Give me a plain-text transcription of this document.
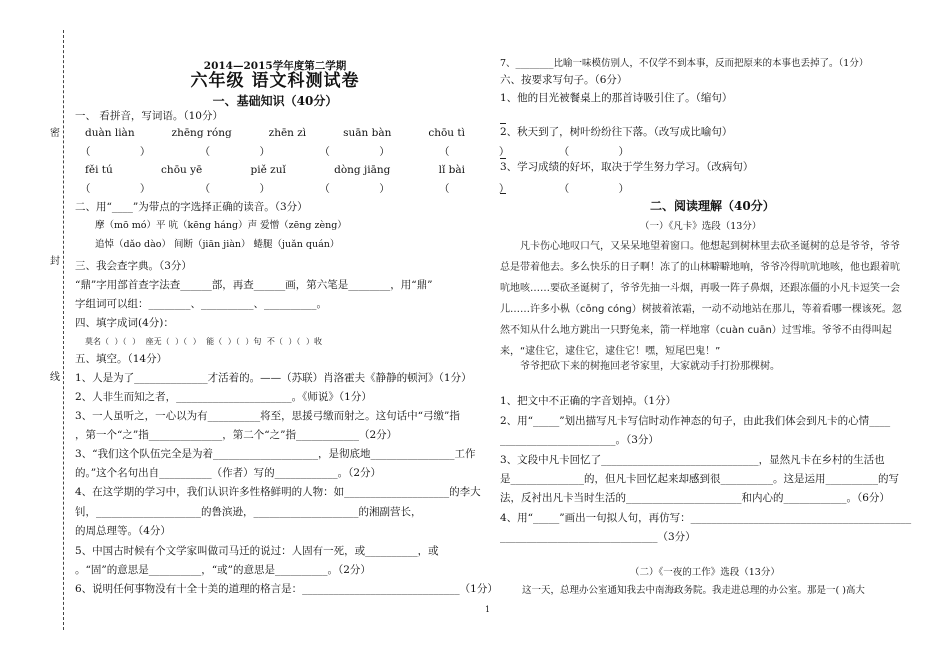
密
封
线
2014—2015学年度第二学期
六年级 语文科测试卷
一、基础知识（40分）
一、 看拼音，写词语。（10分）
duàn liàn	zhēng róng	zhēn zì	suān bàn	chōu tì
（ ） （ ） （ ） （ ） （ ）
fěi tú	chōu yē	piě zuǐ	dòng jiāng	lǐ bài
（ ） （ ） （ ） （ ） （ ）
二、用“____”为带点的字选择正确的读音。（3分）
摩（mō mó）平 吭（kēng háng）声 爱憎（zēng zèng）
追悼（dǎo dào） 间断（jiān jiàn） 蜷腿（juǎn quán）
三、我会查字典。（3分）
“鼎”字用部首查字法查______部，再查______画，第六笔是________，用“鼎”
字组词可以组：________、__________、__________。
四、填字成词(4分)：
莫名（ ）（ ） 座无（ ）（ ） 能（ ）（ ）句 不（ ）（ ）收
五、填空。（14分）
1、人是为了______________才活着的。——（苏联）肖洛霍夫《静静的顿河》（1分）
2、人非生而知之者，______________________。《师说》（1分）
3、一人虽听之，一心以为有__________将至，思援弓缴而射之。这句话中“弓缴”指
，第一个“之”指______________，第二个“之”指____________（2分）
3、“我们这个队伍完全是为着____________________，是彻底地________________工作
的。”这个名句出自__________（作者）写的____________。（2分）
4、在这学期的学习中，我们认识许多性格鲜明的人物：如____________________的李大
钊，____________________的鲁滨逊，____________________的湘副营长，
的周总理等。（4分）
5、中国古时候有个文学家叫做司马迁的说过：人固有一死，或__________，或
。“固”的意思是__________，“或”的意思是__________。（2分）
6、说明任何事物没有十全十美的道理的格言是：______________________________（1分）
7、________比喻一味模仿别人，不仅学不到本事，反而把原来的本事也丢掉了。（1分）
六、按要求写句子。（6分）
1、他的目光被餐桌上的那首诗吸引住了。（缩句）
2、秋天到了，树叶纷纷往下落。（改写成比喻句）
3、学习成绩的好坏，取决于学生努力学习。（改病句）
二、阅读理解（40分）
（一）《凡卡》选段（13分）
凡卡伤心地叹口气，又呆呆地望着窗口。他想起到树林里去砍圣诞树的总是爷爷，爷爷总是带着他去。多么快乐的日子啊！冻了的山林噼噼地响，爷爷冷得吭吭地咳，他也跟着吭吭地咳……要砍圣诞树了，爷爷先抽一斗烟，再吸一阵子鼻烟，还跟冻僵的小凡卡逗笑一会儿……许多小枞（cōng cóng）树披着浓霜，一动不动地站在那儿，等着看哪一棵该死。忽然不知从什么地方跳出一只野兔来，箭一样地窜（cuàn cuān）过雪堆。爷爷不由得叫起来，“逮住它，逮住它，逮住它！嘿，短尾巴鬼！”
爷爷把砍下来的树拖回老爷家里，大家就动手打扮那棵树。
1、把文中不正确的字音划掉。（1分）
2、用“_____”划出描写凡卡写信时动作神态的句子，由此我们体会到凡卡的心情____
______________________。（3分）
3、文段中凡卡回忆了______________________________，显然凡卡在乡村的生活也
是______________的，但凡卡回忆起来却感到很__________。这是运用__________的写
法，反衬出凡卡当时生活的______________________和内心的____________。（6分）
4、用“_____”画出一句拟人句，再仿写：__________________________________________
______________________________（3分）
（二）《一夜的工作》选段（13分）
这一天，总理办公室通知我去中南海政务院。我走进总理的办公室。那是一( )高大
1
